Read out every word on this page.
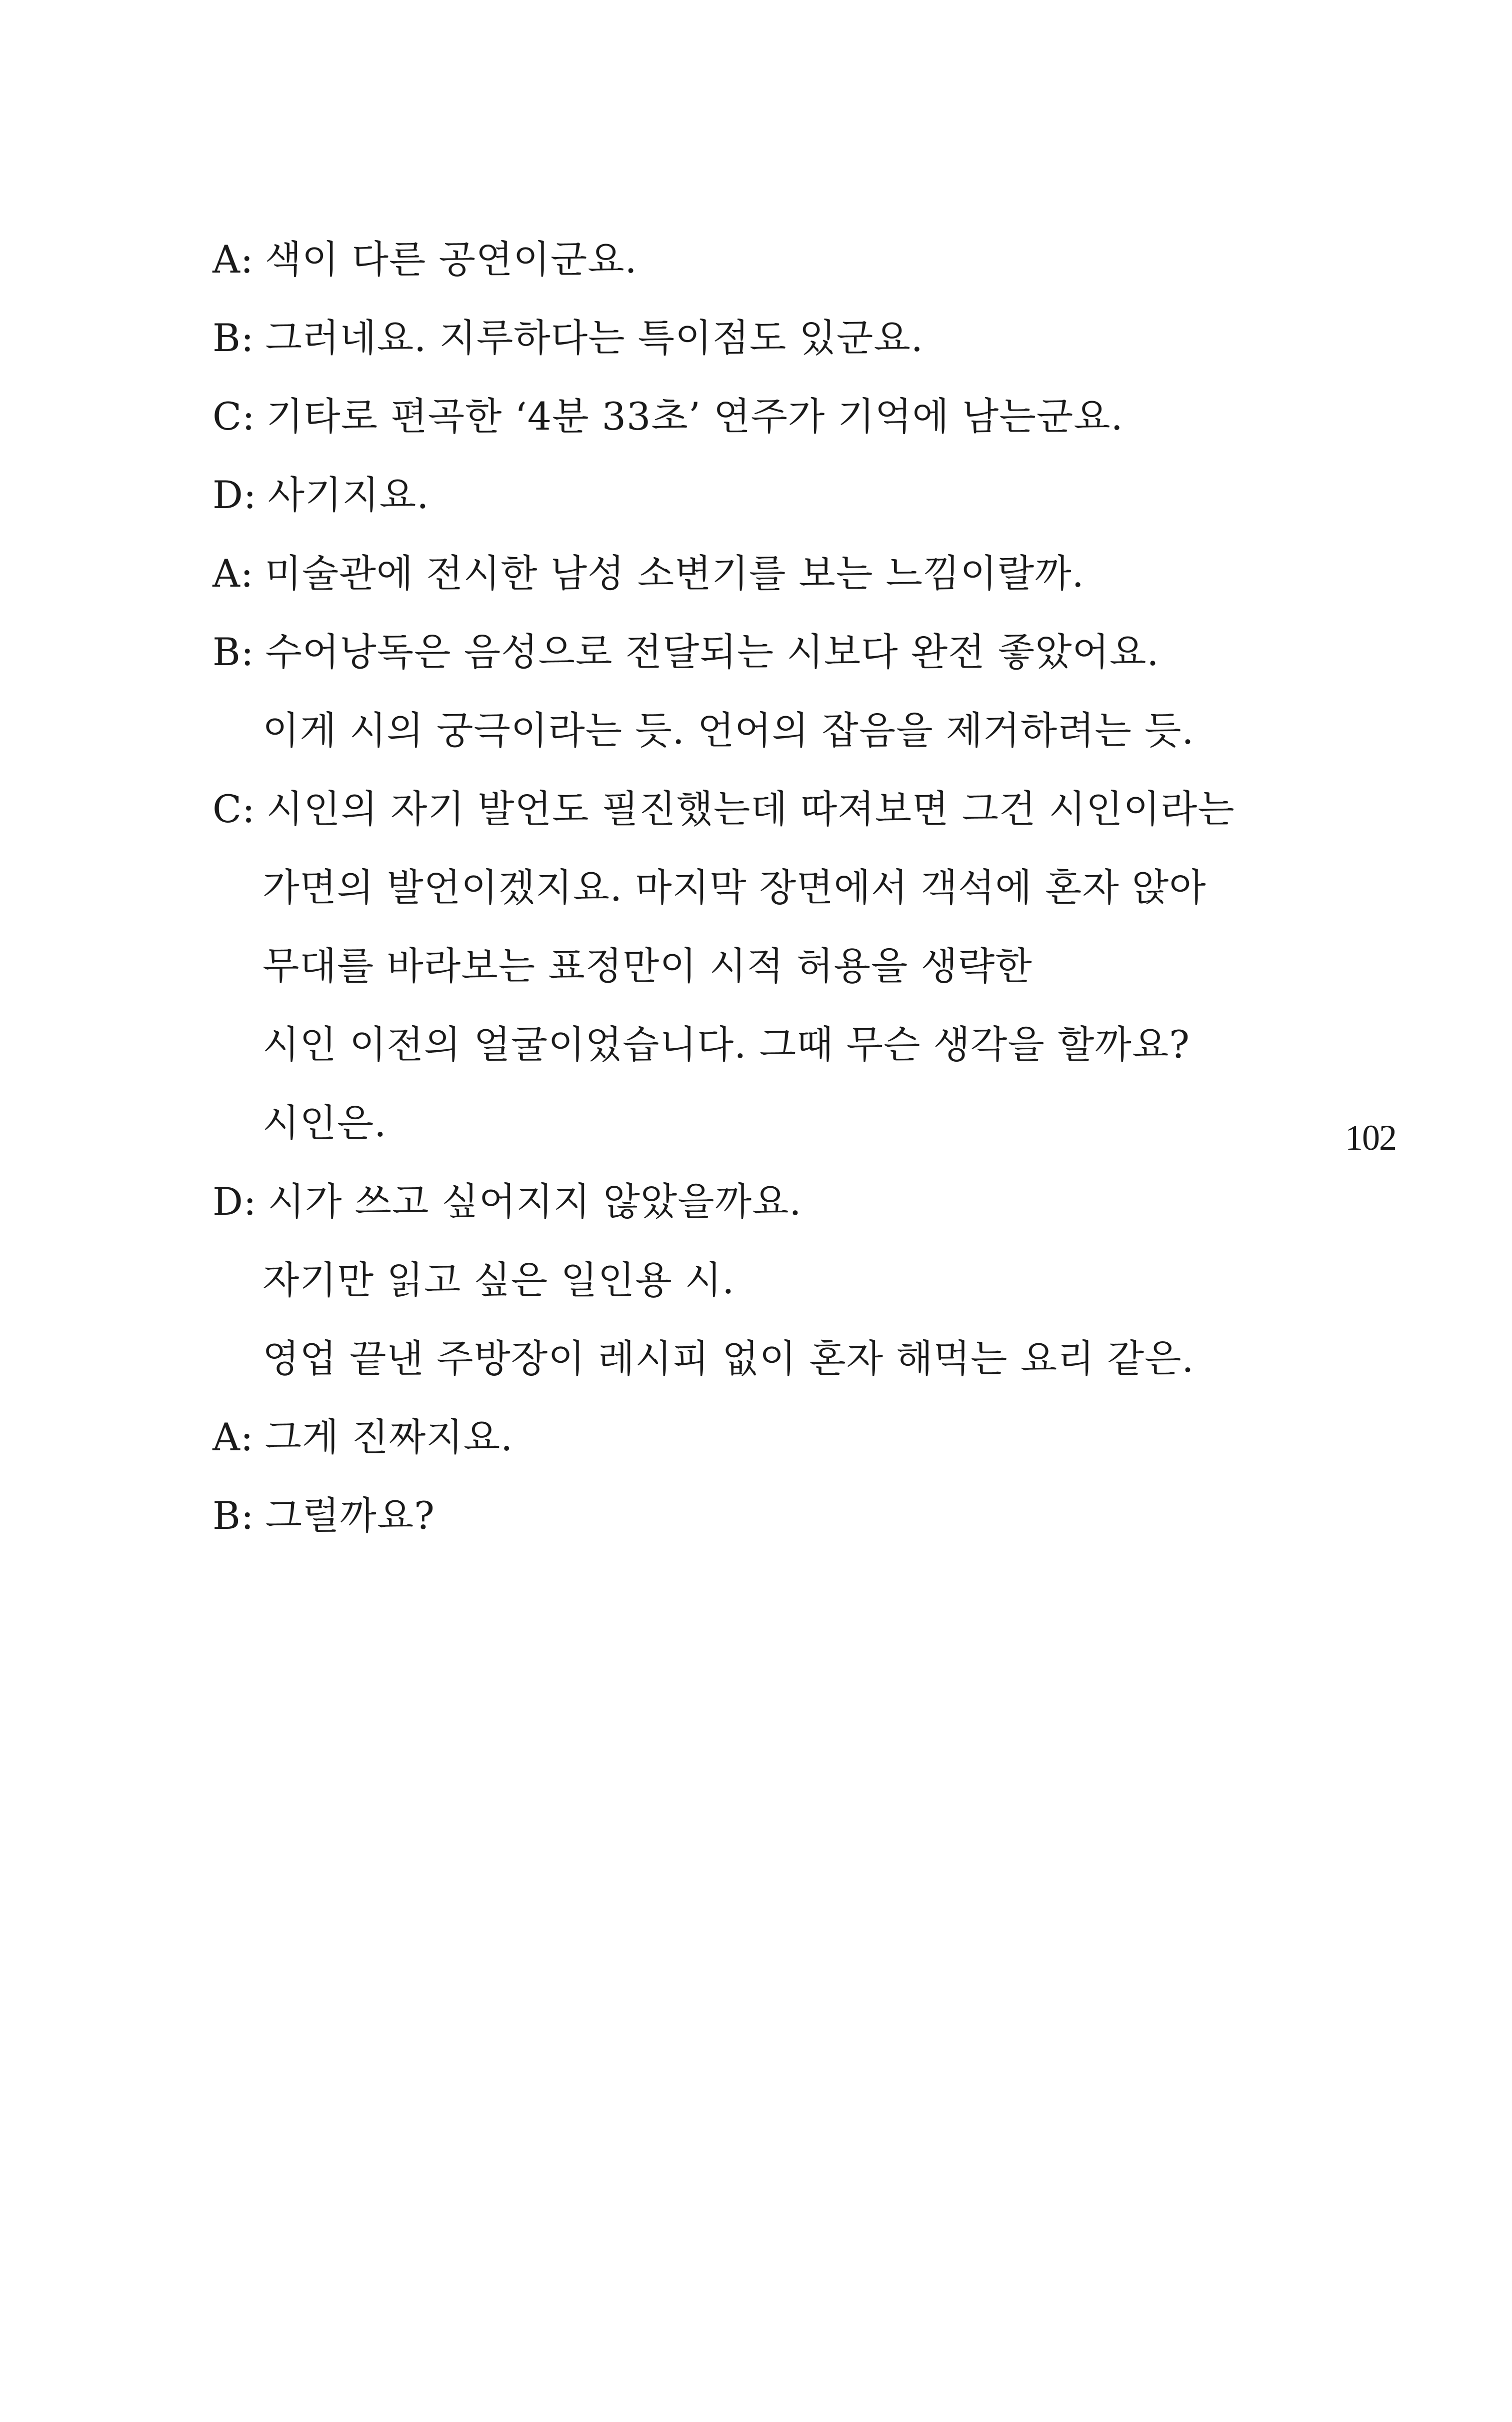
A: 색이 다른 공연이군요.
B: 그러네요. 지루하다는 특이점도 있군요.
C: 기타로 편곡한 ‘4분 33초’ 연주가 기억에 남는군요.
D: 사기지요.
A: 미술관에 전시한 남성 소변기를 보는 느낌이랄까.
B: 수어낭독은 음성으로 전달되는 시보다 완전 좋았어요.
이게 시의 궁극이라는 듯. 언어의 잡음을 제거하려는 듯.
C: 시인의 자기 발언도 필진했는데 따져보면 그건 시인이라는
가면의 발언이겠지요. 마지막 장면에서 객석에 혼자 앉아
무대를 바라보는 표정만이 시적 허용을 생략한
시인 이전의 얼굴이었습니다. 그때 무슨 생각을 할까요?
시인은.
D: 시가 쓰고 싶어지지 않았을까요.
자기만 읽고 싶은 일인용 시.
영업 끝낸 주방장이 레시피 없이 혼자 해먹는 요리 같은.
A: 그게 진짜지요.
B: 그럴까요?
102
